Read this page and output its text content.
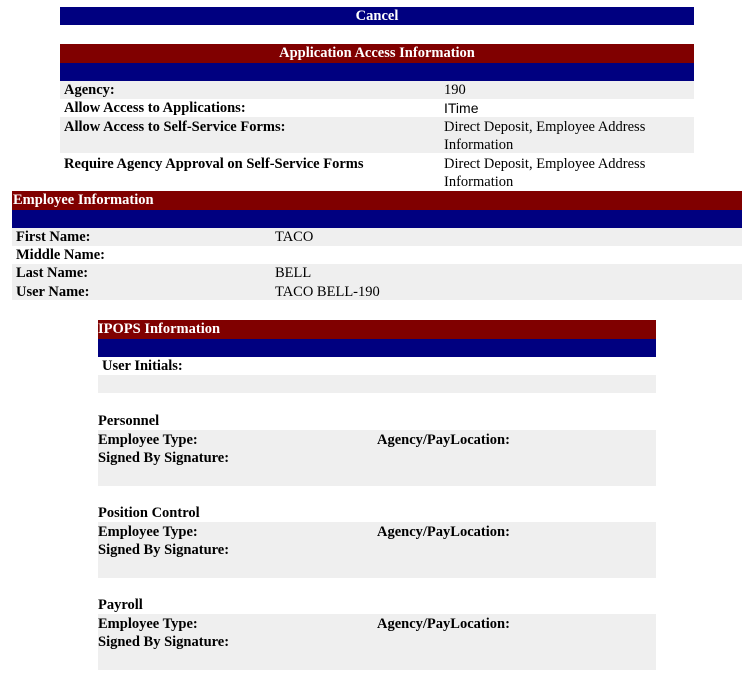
Cancel
Application Access Information
Agency:	190
Allow Access to Applications:	ITime
Allow Access to Self-Service Forms:	Direct Deposit, Employee Address Information
Require Agency Approval on Self-Service Forms	Direct Deposit, Employee Address Information
Employee Information
First Name:	TACO
Middle Name:
Last Name:	BELL
User Name:	TACO BELL-190
IPOPS Information
User Initials:
Personnel
Employee Type:	Agency/PayLocation:
Signed By Signature:
Position Control
Employee Type:	Agency/PayLocation:
Signed By Signature:
Payroll
Employee Type:	Agency/PayLocation:
Signed By Signature:
